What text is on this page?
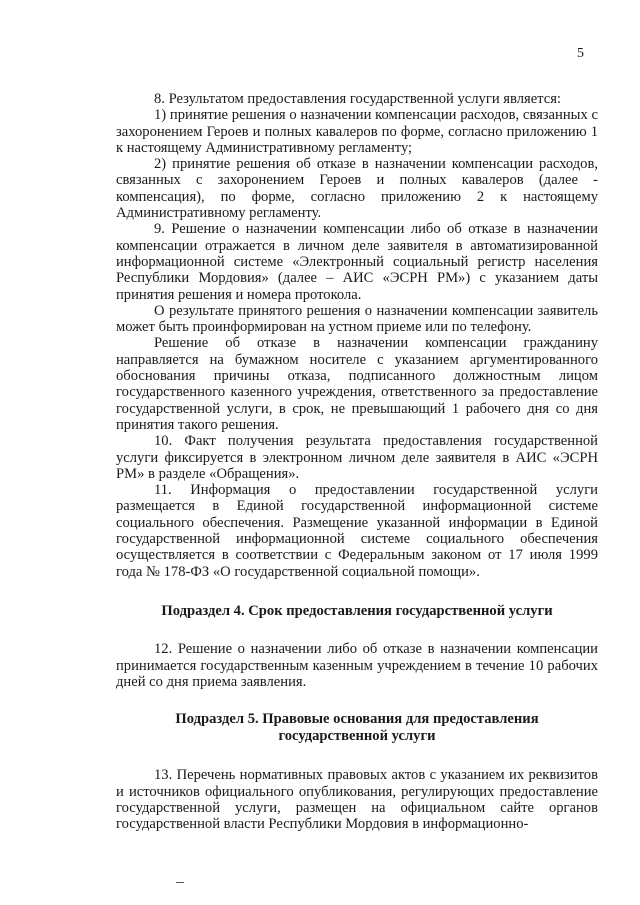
5

8. Результатом предоставления государственной услуги является:

1) принятие решения о назначении компенсации расходов, связанных с захоронением Героев и полных кавалеров по форме, согласно приложению 1 к настоящему Административному регламенту;

2) принятие решения об отказе в назначении компенсации расходов, связанных с захоронением Героев и полных кавалеров (далее - компенсация), по форме, согласно приложению 2 к настоящему Административному регламенту.

9. Решение о назначении компенсации либо об отказе в назначении компенсации отражается в личном деле заявителя в автоматизированной информационной системе «Электронный социальный регистр населения Республики Мордовия» (далее – АИС «ЭСРН РМ») с указанием даты принятия решения и номера протокола.

О результате принятого решения о назначении компенсации заявитель может быть проинформирован на устном приеме или по телефону.

Решение об отказе в назначении компенсации гражданину направляется на бумажном носителе с указанием аргументированного обоснования причины отказа, подписанного должностным лицом государственного казенного учреждения, ответственного за предоставление государственной услуги, в срок, не превышающий 1 рабочего дня со дня принятия такого решения.

10. Факт получения результата предоставления государственной услуги фиксируется в электронном личном деле заявителя в АИС «ЭСРН РМ» в разделе «Обращения».

11. Информация о предоставлении государственной услуги размещается в Единой государственной информационной системе социального обеспечения. Размещение указанной информации в Единой государственной информационной системе социального обеспечения осуществляется в соответствии с Федеральным законом от 17 июля 1999 года № 178-ФЗ «О государственной социальной помощи».

Подраздел 4. Срок предоставления государственной услуги

12. Решение о назначении либо об отказе в назначении компенсации принимается государственным казенным учреждением в течение 10 рабочих дней со дня приема заявления.

Подраздел 5. Правовые основания для предоставления

государственной услуги

13. Перечень нормативных правовых актов с указанием их реквизитов и источников официального опубликования, регулирующих предоставление государственной услуги, размещен на официальном сайте органов государственной власти Республики Мордовия в информационно-
